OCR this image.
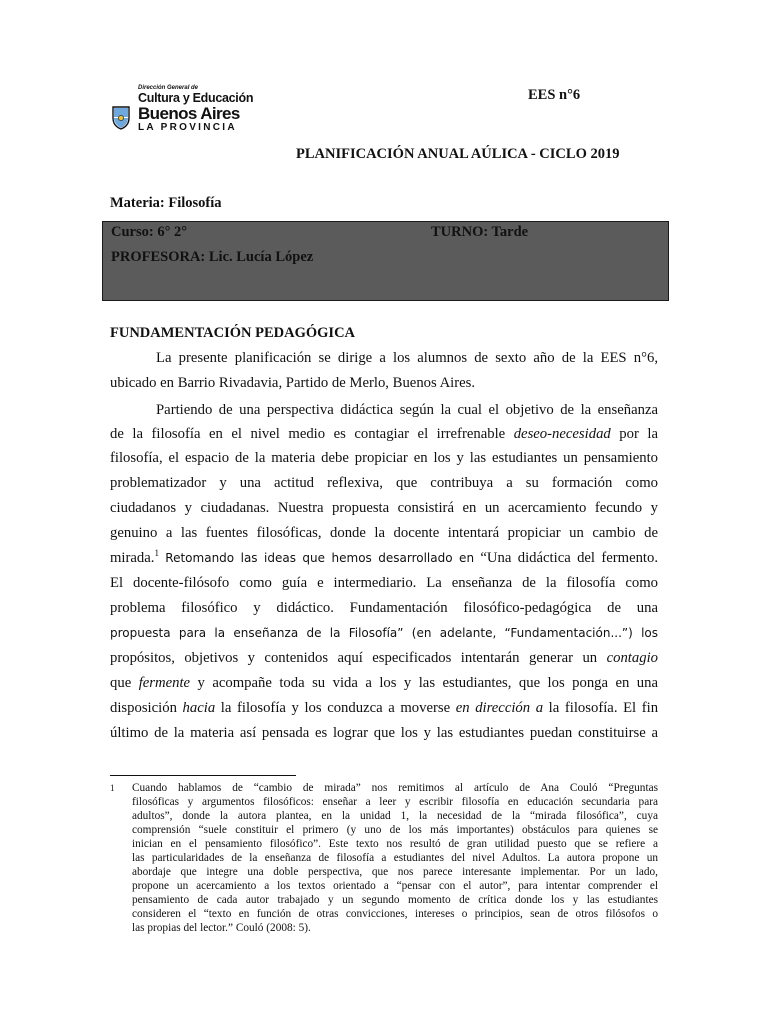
Dirección General de
Cultura y Educación
Buenos Aires
LA PROVINCIA
EES n°6
PLANIFICACIÓN ANUAL AÚLICA - CICLO 2019
Materia: Filosofía
Curso: 6° 2°	TURNO: Tarde
PROFESORA: Lic. Lucía López
FUNDAMENTACIÓN PEDAGÓGICA
La presente planificación se dirige a los alumnos de sexto año de la EES n°6,
ubicado en Barrio Rivadavia, Partido de Merlo, Buenos Aires.
Partiendo de una perspectiva didáctica según la cual el objetivo de la enseñanza
de la filosofía en el nivel medio es contagiar el irrefrenable deseo-necesidad por la
filosofía, el espacio de la materia debe propiciar en los y las estudiantes un pensamiento
problematizador y una actitud reflexiva, que contribuya a su formación como
ciudadanos y ciudadanas. Nuestra propuesta consistirá en un acercamiento fecundo y
genuino a las fuentes filosóficas, donde la docente intentará propiciar un cambio de
mirada.$^1$ Retomando las ideas que hemos desarrollado en “Una didáctica del fermento.
El docente-filósofo como guía e intermediario. La enseñanza de la filosofía como
problema filosófico y didáctico. Fundamentación filosófico-pedagógica de una
propuesta para la enseñanza de la Filosofía” (en adelante, “Fundamentación...”) los
propósitos, objetivos y contenidos aquí especificados intentarán generar un contagio
que fermente y acompañe toda su vida a los y las estudiantes, que los ponga en una
disposición hacia la filosofía y los conduzca a moverse en dirección a la filosofía. El fin
último de la materia así pensada es lograr que los y las estudiantes puedan constituirse a
1 Cuando hablamos de “cambio de mirada” nos remitimos al artículo de Ana Couló “Preguntas
filosóficas y argumentos filosóficos: enseñar a leer y escribir filosofía en educación secundaria para
adultos”, donde la autora plantea, en la unidad 1, la necesidad de la “mirada filosófica”, cuya
comprensión “suele constituir el primero (y uno de los más importantes) obstáculos para quienes se
inician en el pensamiento filosófico”. Este texto nos resultó de gran utilidad puesto que se refiere a
las particularidades de la enseñanza de filosofía a estudiantes del nivel Adultos. La autora propone un
abordaje que integre una doble perspectiva, que nos parece interesante implementar. Por un lado,
propone un acercamiento a los textos orientado a “pensar con el autor”, para intentar comprender el
pensamiento de cada autor trabajado y un segundo momento de crítica donde los y las estudiantes
consideren el “texto en función de otras convicciones, intereses o principios, sean de otros filósofos o
las propias del lector.” Couló (2008: 5).
